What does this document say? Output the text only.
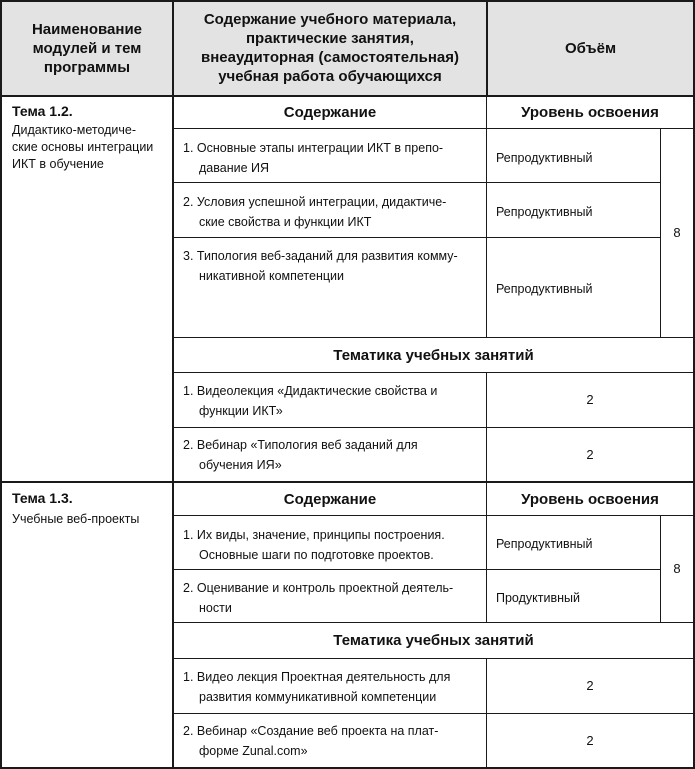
Наименование
модулей и тем
программы
Содержание учебного материала,
практические занятия,
внеаудиторная (самостоятельная)
учебная работа обучающихся
Объём
Тема 1.2.
Дидактико-методиче-
ские основы интеграции
ИКТ в обучение
Содержание	Уровень освоения
1. Основные этапы интеграции ИКТ в препо-
давание ИЯ
Репродуктивный
2. Условия успешной интеграции, дидактиче-
ские свойства и функции ИКТ
Репродуктивный
3. Типология веб-заданий для развития комму-
никативной компетенции
Репродуктивный
8
Тематика учебных занятий
1. Видеолекция «Дидактические свойства и
функции ИКТ»
2
2. Вебинар «Типология веб заданий для
обучения ИЯ»
2
Тема 1.3.
Учебные веб-проекты
Содержание	Уровень освоения
1. Их виды, значение, принципы построения.
Основные шаги по подготовке проектов.
Репродуктивный
2. Оценивание и контроль проектной деятель-
ности
Продуктивный
8
Тематика учебных занятий
1. Видео лекция Проектная деятельность для
развития коммуникативной компетенции
2
2. Вебинар «Создание веб проекта на плат-
форме Zunal.com»
2
